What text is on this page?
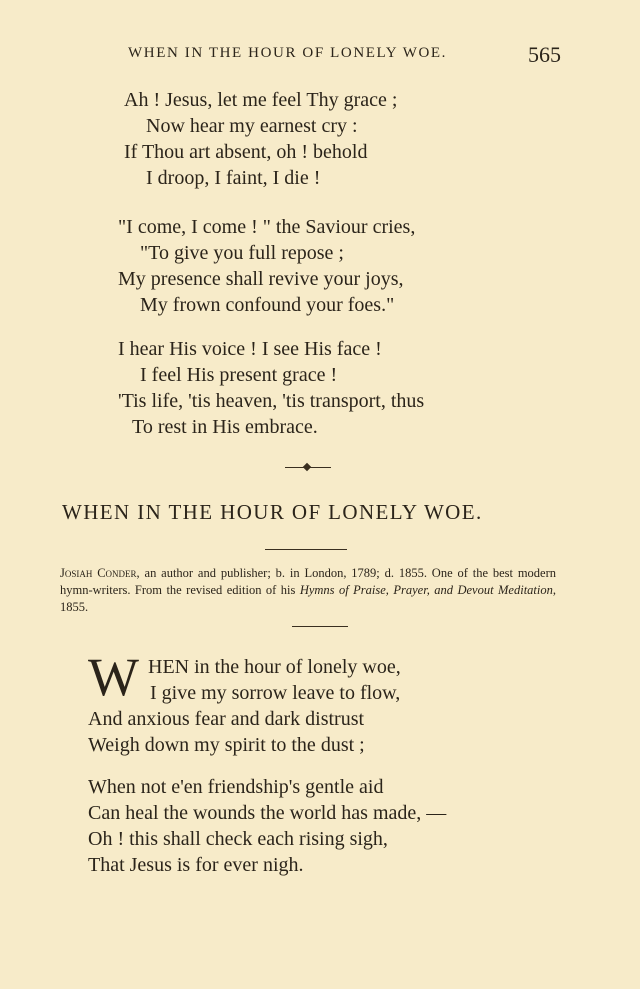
WHEN IN THE HOUR OF LONELY WOE.	565
Ah ! Jesus, let me feel Thy grace ;
Now hear my earnest cry :
If Thou art absent, oh ! behold
I droop, I faint, I die !
"I come, I come ! " the Saviour cries,
"To give you full repose ;
My presence shall revive your joys,
My frown confound your foes."
I hear His voice ! I see His face !
I feel His present grace !
'Tis life, 'tis heaven, 'tis transport, thus
To rest in His embrace.
WHEN IN THE HOUR OF LONELY WOE.
Josiah Conder, an author and publisher; b. in London, 1789; d. 1855. One of the best modern hymn-writers. From the revised edition of his Hymns of Praise, Prayer, and Devout Meditation, 1855.
W HEN in the hour of lonely woe,
I give my sorrow leave to flow,
And anxious fear and dark distrust
Weigh down my spirit to the dust ;
When not e'en friendship's gentle aid
Can heal the wounds the world has made, —
Oh ! this shall check each rising sigh,
That Jesus is for ever nigh.
